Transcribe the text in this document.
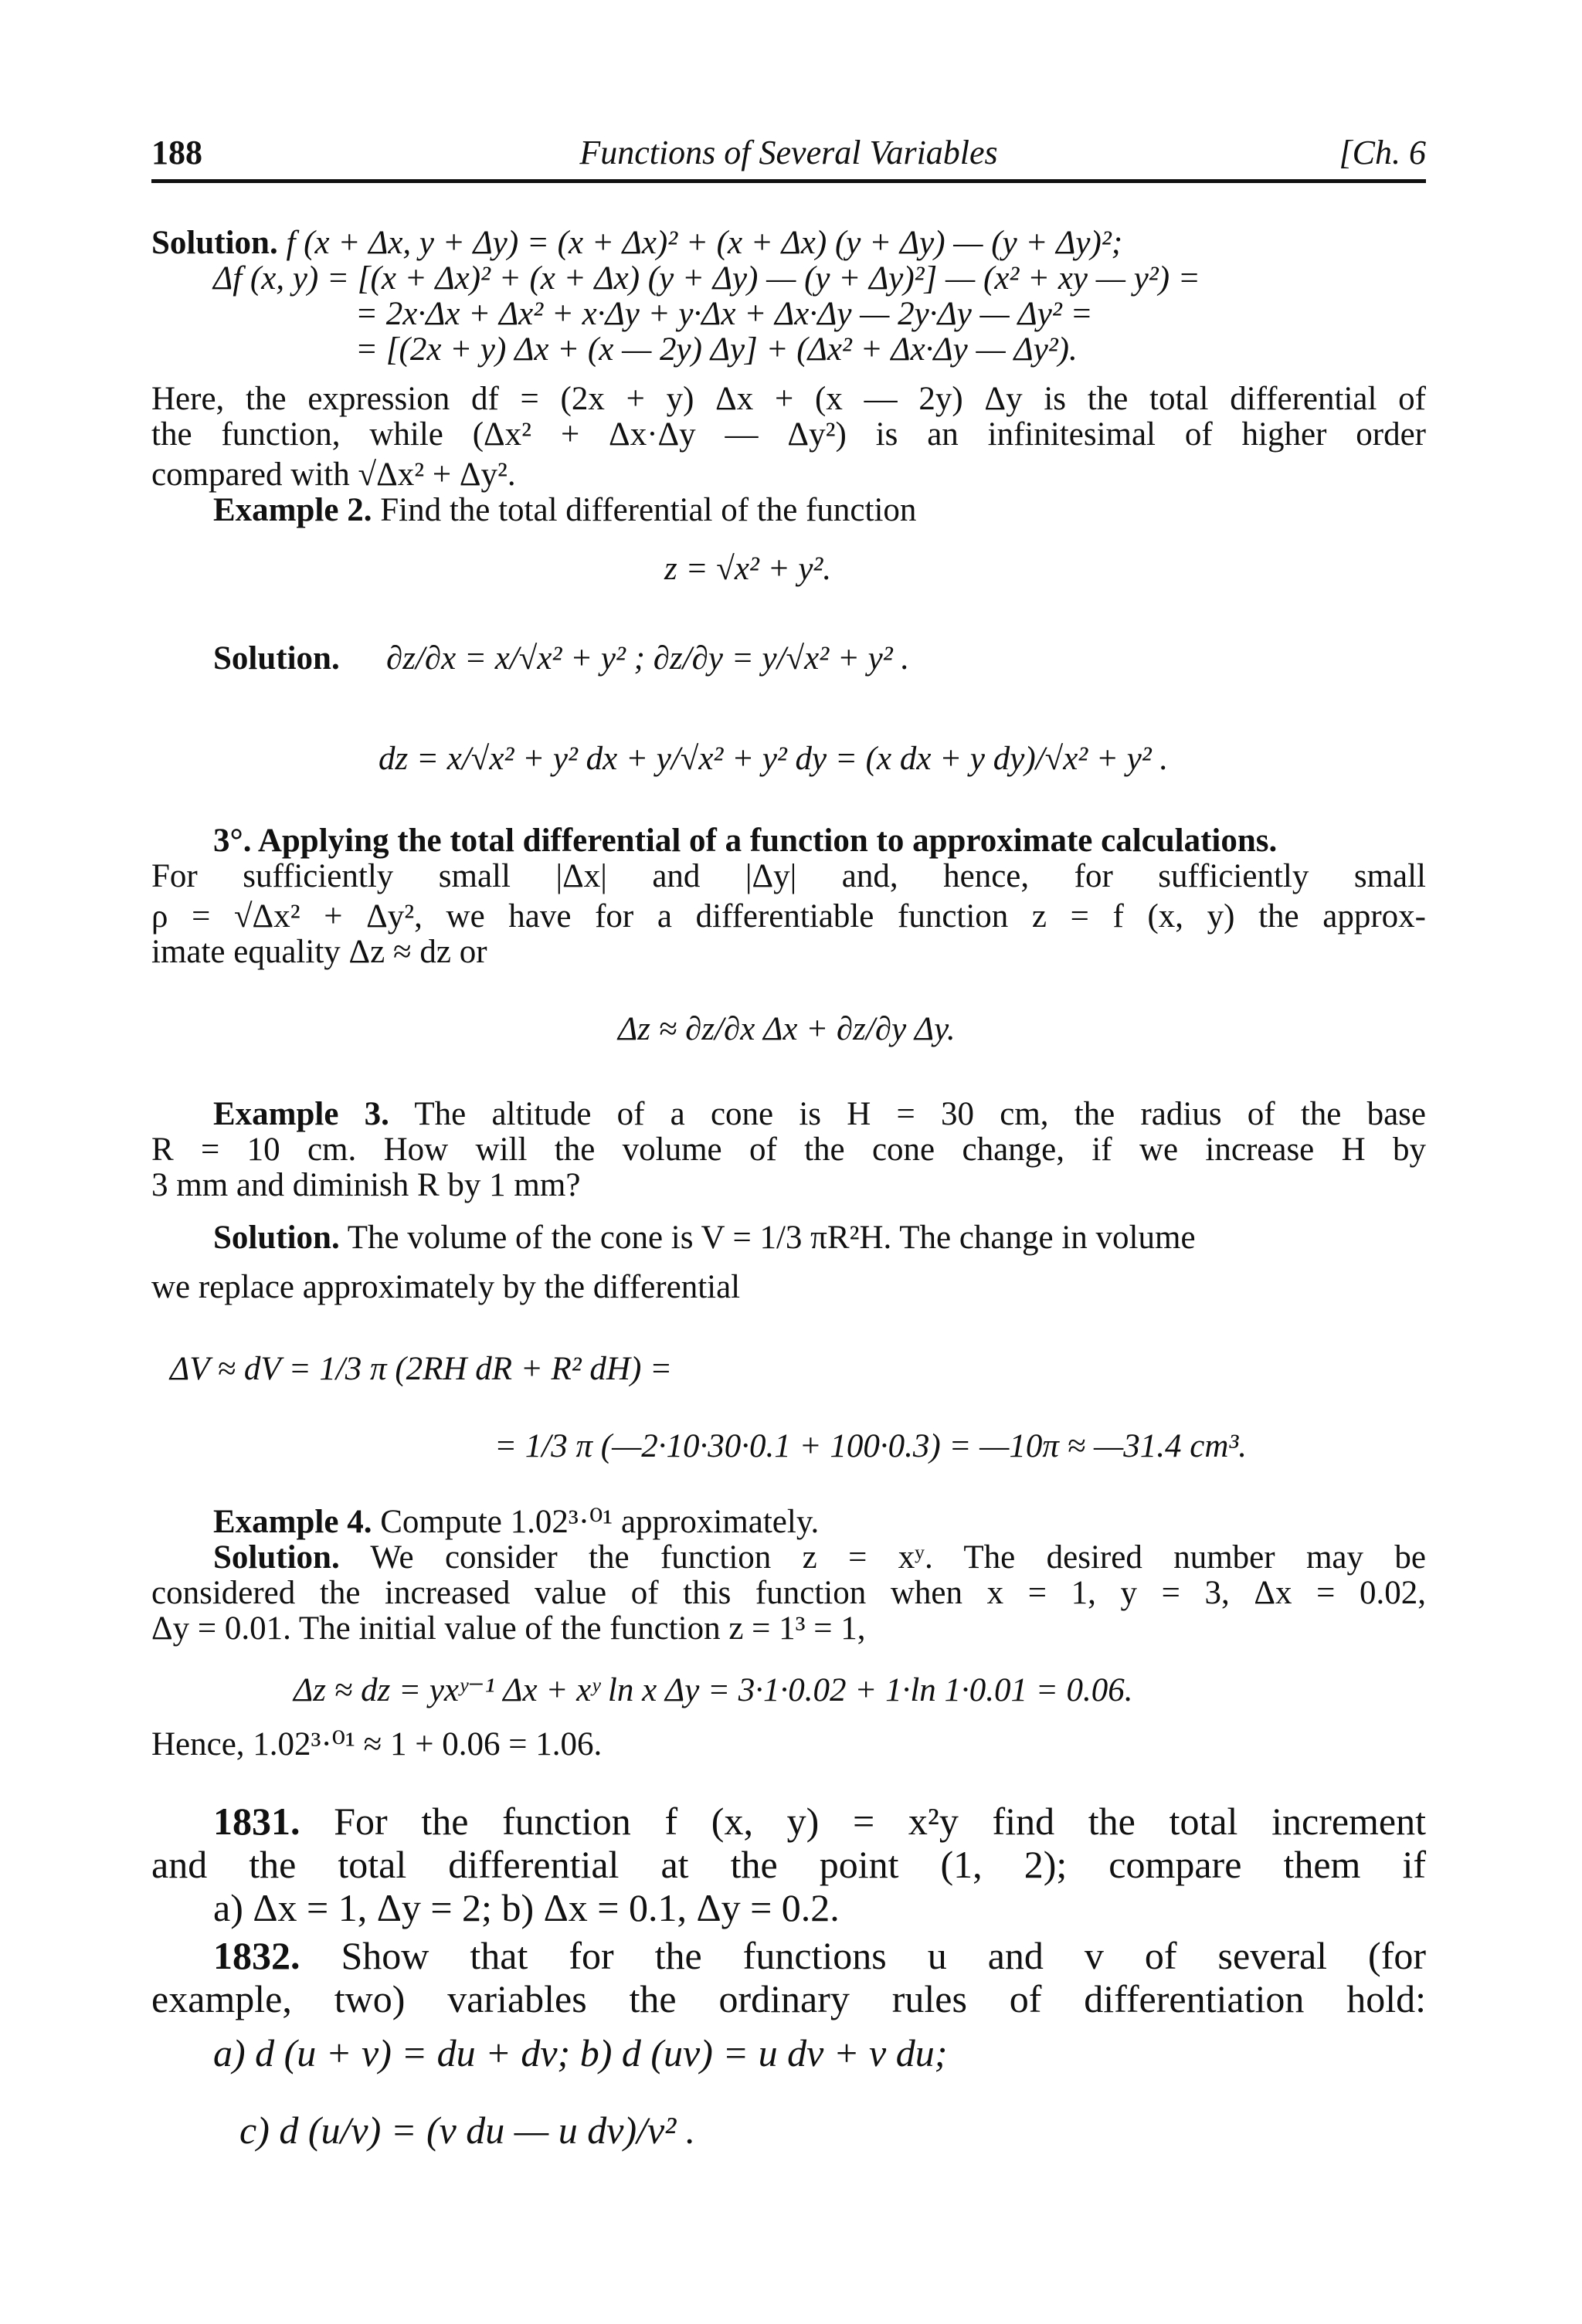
Functions of Several Variables
188	[Ch. 6
Solution. f (x + Δx, y + Δy) = (x + Δx)² + (x + Δx) (y + Δy) — (y + Δy)²;
Δf (x, y) = [(x + Δx)² + (x + Δx) (y + Δy) — (y + Δy)²] — (x² + xy — y²) =
= 2x·Δx + Δx² + x·Δy + y·Δx + Δx·Δy — 2y·Δy — Δy² =
= [(2x + y) Δx + (x — 2y) Δy] + (Δx² + Δx·Δy — Δy²).
Here, the expression df = (2x + y) Δx + (x — 2y) Δy is the total differential of
the function, while (Δx² + Δx·Δy — Δy²) is an infinitesimal of higher order
compared with √Δx² + Δy².
Example 2. Find the total differential of the function
z = √x² + y².
Solution. ∂z/∂x = x/√x² + y² ; ∂z/∂y = y/√x² + y² .
dz = x/√x² + y² dx + y/√x² + y² dy = (x dx + y dy)/√x² + y² .
3°. Applying the total differential of a function to approximate calculations.
For sufficiently small |Δx| and |Δy| and, hence, for sufficiently small
ρ = √Δx² + Δy², we have for a differentiable function z = f (x, y) the approx-
imate equality Δz ≈ dz or
Δz ≈ ∂z/∂x Δx + ∂z/∂y Δy.
Example 3. The altitude of a cone is H = 30 cm, the radius of the base
R = 10 cm. How will the volume of the cone change, if we increase H by
3 mm and diminish R by 1 mm?
Solution. The volume of the cone is V = 1/3 πR²H. The change in volume
we replace approximately by the differential
ΔV ≈ dV = 1/3 π (2RH dR + R² dH) =
= 1/3 π (—2·10·30·0.1 + 100·0.3) = —10π ≈ —31.4 cm³.
Example 4. Compute 1.02³·⁰¹ approximately.
Solution. We consider the function z = xʸ. The desired number may be
considered the increased value of this function when x = 1, y = 3, Δx = 0.02,
Δy = 0.01. The initial value of the function z = 1³ = 1,
Δz ≈ dz = yxʸ⁻¹ Δx + xʸ ln x Δy = 3·1·0.02 + 1·ln 1·0.01 = 0.06.
Hence, 1.02³·⁰¹ ≈ 1 + 0.06 = 1.06.
1831. For the function f (x, y) = x²y find the total increment
and the total differential at the point (1, 2); compare them if
a) Δx = 1, Δy = 2; b) Δx = 0.1, Δy = 0.2.
1832. Show that for the functions u and v of several (for
example, two) variables the ordinary rules of differentiation hold:
a) d (u + v) = du + dv; b) d (uv) = u dv + v du;
c) d (u/v) = (v du — u dv)/v² .
